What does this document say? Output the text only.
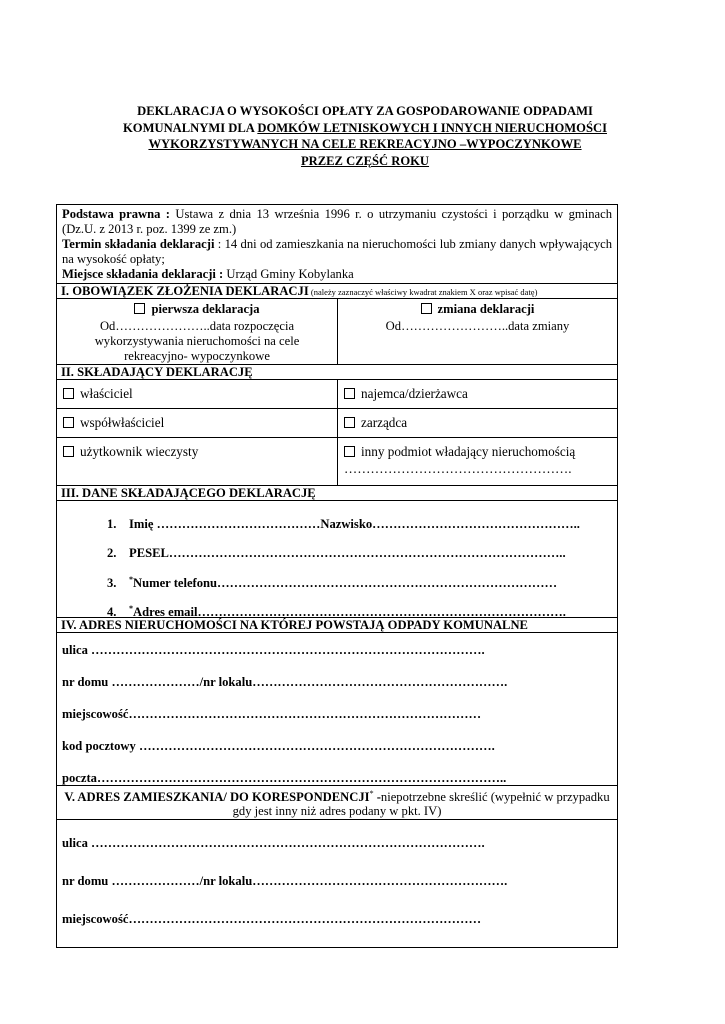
DEKLARACJA O WYSOKOŚCI OPŁATY ZA GOSPODAROWANIE ODPADAMI
KOMUNALNYMI DLA DOMKÓW LETNISKOWYCH I INNYCH NIERUCHOMOŚCI
WYKORZYSTYWANYCH NA CELE REKREACYJNO –WYPOCZYNKOWE
PRZEZ CZĘŚĆ ROKU
Podstawa prawna : Ustawa z dnia 13 września 1996 r. o utrzymaniu czystości i porządku w gminach (Dz.U. z 2013 r. poz. 1399 ze zm.)
Termin składania deklaracji : 14 dni od zamieszkania na nieruchomości lub zmiany danych wpływających na wysokość opłaty;
Miejsce składania deklaracji : Urząd Gminy Kobylanka
I. OBOWIĄZEK ZŁOŻENIA DEKLARACJI (należy zaznaczyć właściwy kwadrat znakiem X oraz wpisać datę)
pierwsza deklaracja
Od…………………..data rozpoczęcia wykorzystywania nieruchomości na cele rekreacyjno- wypoczynkowe
zmiana deklaracji
Od……………………..data zmiany
II. SKŁADAJĄCY DEKLARACJĘ
właściciel	najemca/dzierżawca
współwłaściciel	zarządca
użytkownik wieczysty	inny podmiot władający nieruchomością …………………………………………….
III. DANE SKŁADAJĄCEGO DEKLARACJĘ
1. Imię …………………………………Nazwisko…………………………………………..
2. PESEL…………………………………………………………………………………..
3. *Numer telefonu………………………………………………………………………
4. *Adres email…………………………………………………………………………….
IV. ADRES NIERUCHOMOŚCI NA KTÓREJ POWSTAJĄ ODPADY KOMUNALNE
ulica ………………………………………………………………………………….
nr domu …………………/nr lokalu…………………………………………………….
miejscowość…………………………………………………………………………
kod pocztowy ………………………………………………………………………….
poczta……………………………………………………………………………………..
V. ADRES ZAMIESZKANIA/ DO KORESPONDENCJI* -niepotrzebne skreślić (wypełnić w przypadku gdy jest inny niż adres podany w pkt. IV)
ulica ………………………………………………………………………………….
nr domu …………………/nr lokalu…………………………………………………….
miejscowość…………………………………………………………………………
